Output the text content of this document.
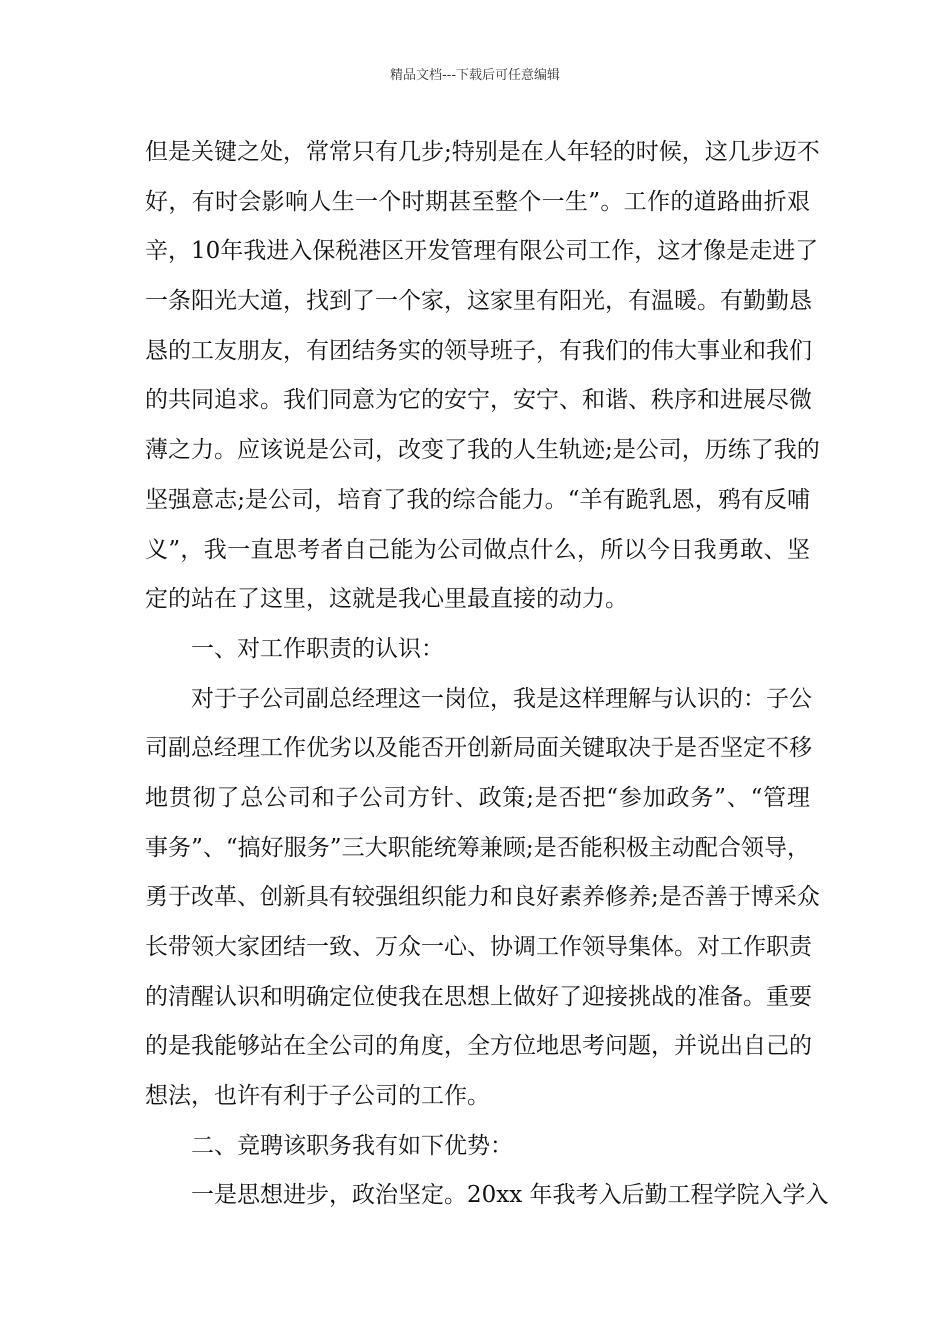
精品文档---下载后可任意编辑
但是关键之处，常常只有几步;特别是在人年轻的时候，这几步迈不
好，有时会影响人生一个时期甚至整个一生”。工作的道路曲折艰
辛，10年我进入保税港区开发管理有限公司工作，这才像是走进了
一条阳光大道，找到了一个家，这家里有阳光，有温暖。有勤勤恳
恳的工友朋友，有团结务实的领导班子，有我们的伟大事业和我们
的共同追求。我们同意为它的安宁，安宁、和谐、秩序和进展尽微
薄之力。应该说是公司，改变了我的人生轨迹;是公司，历练了我的
坚强意志;是公司，培育了我的综合能力。“羊有跪乳恩，鸦有反哺
义”，我一直思考者自己能为公司做点什么，所以今日我勇敢、坚
定的站在了这里，这就是我心里最直接的动力。
一、对工作职责的认识：
对于子公司副总经理这一岗位，我是这样理解与认识的：子公
司副总经理工作优劣以及能否开创新局面关键取决于是否坚定不移
地贯彻了总公司和子公司方针、政策;是否把“参加政务”、“管理
事务”、“搞好服务”三大职能统筹兼顾;是否能积极主动配合领导，
勇于改革、创新具有较强组织能力和良好素养修养;是否善于博采众
长带领大家团结一致、万众一心、协调工作领导集体。对工作职责
的清醒认识和明确定位使我在思想上做好了迎接挑战的准备。重要
的是我能够站在全公司的角度，全方位地思考问题，并说出自己的
想法，也许有利于子公司的工作。
二、竞聘该职务我有如下优势：
一是思想进步，政治坚定。20xx 年我考入后勤工程学院入学入
